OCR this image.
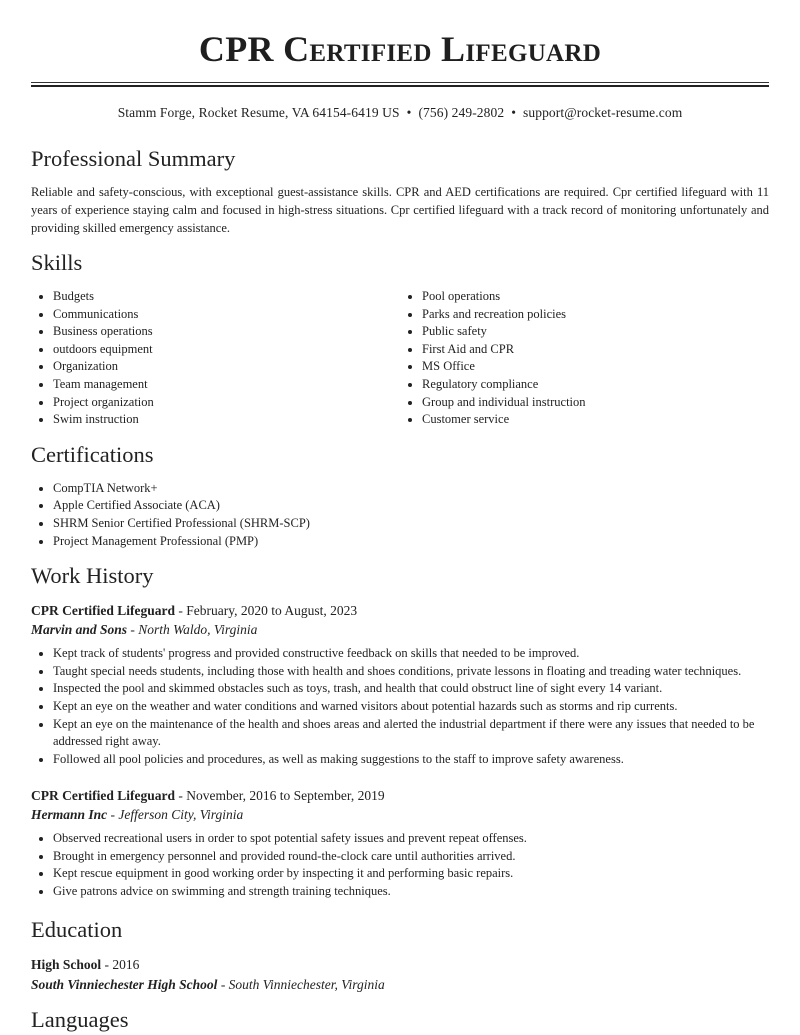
CPR Certified Lifeguard
Stamm Forge, Rocket Resume, VA 64154-6419 US • (756) 249-2802 • support@rocket-resume.com
Professional Summary

Reliable and safety-conscious, with exceptional guest-assistance skills. CPR and AED certifications are required. Cpr certified lifeguard with 11 years of experience staying calm and focused in high-stress situations. Cpr certified lifeguard with a track record of monitoring unfortunately and providing skilled emergency assistance.

Skills
• Budgets
• Communications
• Business operations
• outdoors equipment
• Organization
• Team management
• Project organization
• Swim instruction
• Pool operations
• Parks and recreation policies
• Public safety
• First Aid and CPR
• MS Office
• Regulatory compliance
• Group and individual instruction
• Customer service
Certifications
• CompTIA Network+
• Apple Certified Associate (ACA)
• SHRM Senior Certified Professional (SHRM-SCP)
• Project Management Professional (PMP)
Work History
CPR Certified Lifeguard - February, 2020 to August, 2023
Marvin and Sons - North Waldo, Virginia
• Kept track of students' progress and provided constructive feedback on skills that needed to be improved.
• Taught special needs students, including those with health and shoes conditions, private lessons in floating and treading water techniques.
• Inspected the pool and skimmed obstacles such as toys, trash, and health that could obstruct line of sight every 14 variant.
• Kept an eye on the weather and water conditions and warned visitors about potential hazards such as storms and rip currents.
• Kept an eye on the maintenance of the health and shoes areas and alerted the industrial department if there were any issues that needed to be addressed right away.
• Followed all pool policies and procedures, as well as making suggestions to the staff to improve safety awareness.
CPR Certified Lifeguard - November, 2016 to September, 2019
Hermann Inc - Jefferson City, Virginia
• Observed recreational users in order to spot potential safety issues and prevent repeat offenses.
• Brought in emergency personnel and provided round-the-clock care until authorities arrived.
• Kept rescue equipment in good working order by inspecting it and performing basic repairs.
• Give patrons advice on swimming and strength training techniques.
Education
High School - 2016
South Vinniechester High School - South Vinniechester, Virginia
Languages
